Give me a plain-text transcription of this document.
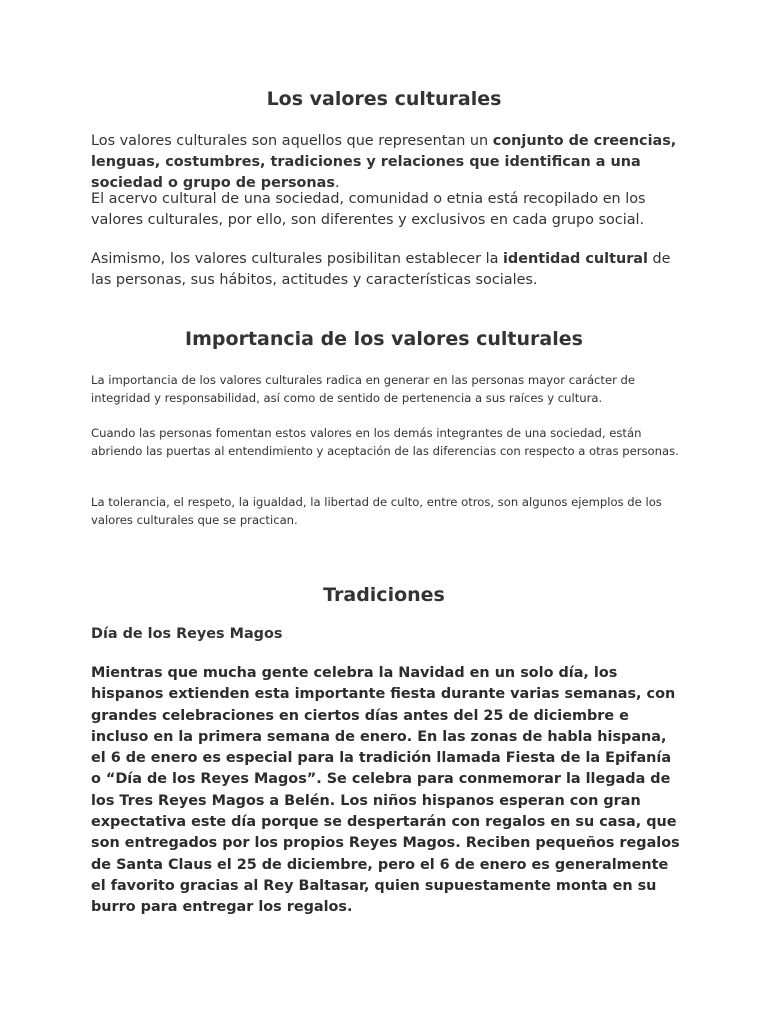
Los valores culturales

Los valores culturales son aquellos que representan un conjunto de creencias, lenguas, costumbres, tradiciones y relaciones que identifican a una sociedad o grupo de personas.

El acervo cultural de una sociedad, comunidad o etnia está recopilado en los valores culturales, por ello, son diferentes y exclusivos en cada grupo social.

Asimismo, los valores culturales posibilitan establecer la identidad cultural de las personas, sus hábitos, actitudes y características sociales.

Importancia de los valores culturales

La importancia de los valores culturales radica en generar en las personas mayor carácter de integridad y responsabilidad, así como de sentido de pertenencia a sus raíces y cultura.

Cuando las personas fomentan estos valores en los demás integrantes de una sociedad, están abriendo las puertas al entendimiento y aceptación de las diferencias con respecto a otras personas.

La tolerancia, el respeto, la igualdad, la libertad de culto, entre otros, son algunos ejemplos de los valores culturales que se practican.

Tradiciones

Día de los Reyes Magos

Mientras que mucha gente celebra la Navidad en un solo día, los hispanos extienden esta importante fiesta durante varias semanas, con grandes celebraciones en ciertos días antes del 25 de diciembre e incluso en la primera semana de enero. En las zonas de habla hispana, el 6 de enero es especial para la tradición llamada Fiesta de la Epifanía o “Día de los Reyes Magos”. Se celebra para conmemorar la llegada de los Tres Reyes Magos a Belén. Los niños hispanos esperan con gran expectativa este día porque se despertarán con regalos en su casa, que son entregados por los propios Reyes Magos. Reciben pequeños regalos de Santa Claus el 25 de diciembre, pero el 6 de enero es generalmente el favorito gracias al Rey Baltasar, quien supuestamente monta en su burro para entregar los regalos.
